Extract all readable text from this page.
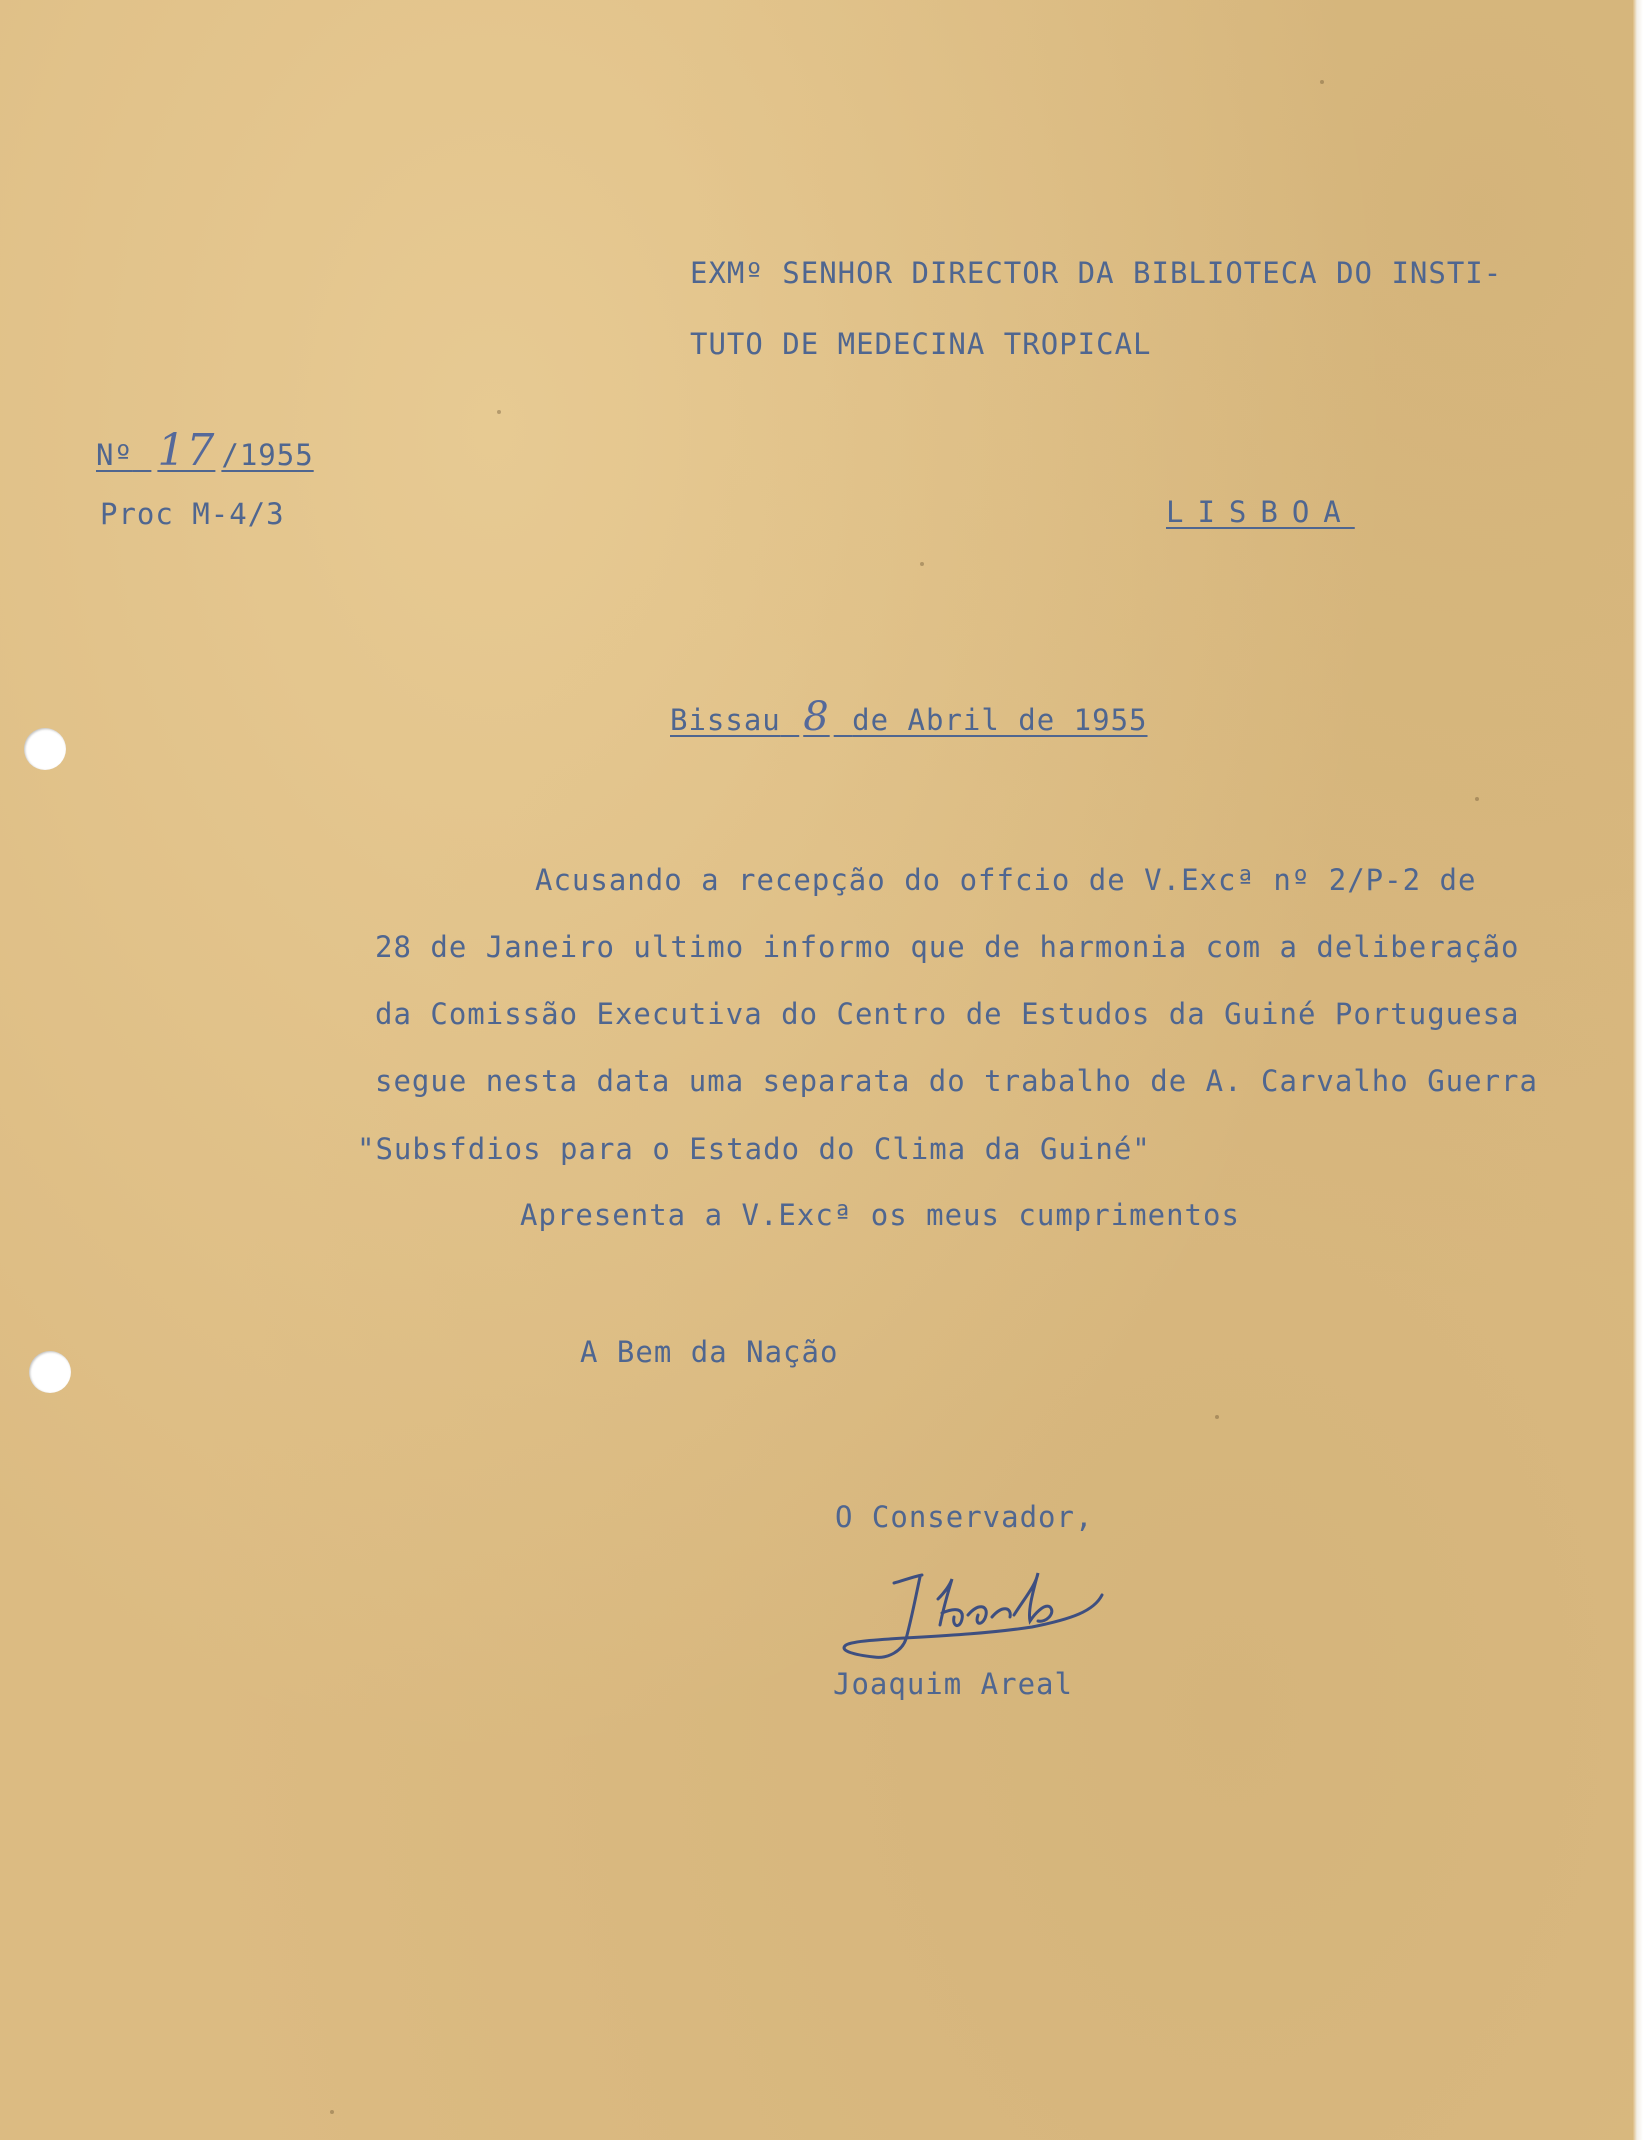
EXMº SENHOR DIRECTOR DA BIBLIOTECA DO INSTI-
TUTO DE MEDECINA TROPICAL
Nº 17 /1955
Proc M-4/3	LISBOA
Bissau 8 de Abril de 1955
Acusando a recepção do offcio de V.Excª nº 2/P-2 de
28 de Janeiro ultimo informo que de harmonia com a deliberação
da Comissão Executiva do Centro de Estudos da Guiné Portuguesa
segue nesta data uma separata do trabalho de A. Carvalho Guerra
"Subsfdios para o Estado do Clima da Guiné"
Apresenta a V.Excª os meus cumprimentos
A Bem da Nação
O Conservador,
Joaquim Areal
